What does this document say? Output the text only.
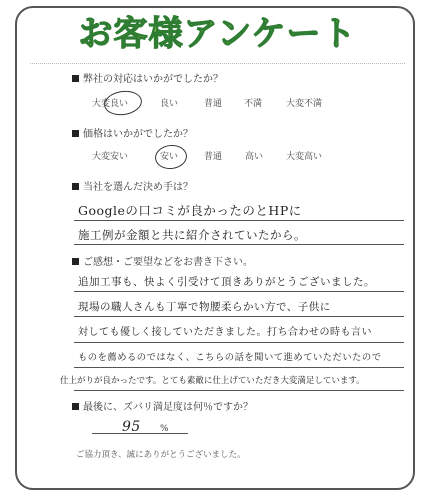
お客様アンケート
弊社の対応はいかがでしたか？
大変良い	良い	普通 不満	大変不満
価格はいかがでしたか？
大変安い	安い	普通	高い	大変高い
当社を選んだ決め手は？
Googleの口コミが良かったのとHPに
施工例が金額と共に紹介されていたから。
ご感想・ご要望などをお書き下さい。
追加工事も、快よく引受けて頂きありがとうございました。
現場の職人さんも丁寧で物腰柔らかい方で、子供に
対しても優しく接していただきました。打ち合わせの時も言い
ものを薦めるのではなく、こちらの話を聞いて進めていただいたので
仕上がりが良かったです。とても素敵に仕上げていただき大変満足しています。
最後に、ズバリ満足度は何％ですか？
95 %
ご協力頂き、誠にありがとうございました。
